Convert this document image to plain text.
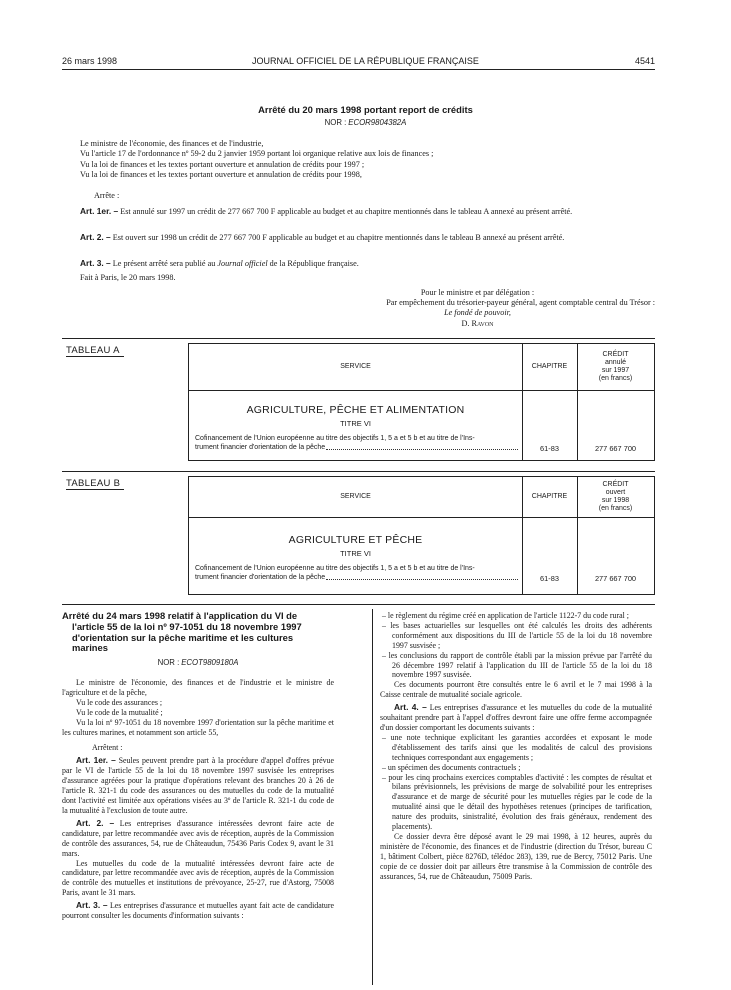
26 mars 1998	JOURNAL OFFICIEL DE LA RÉPUBLIQUE FRANÇAISE	4541
Arrêté du 20 mars 1998 portant report de crédits
NOR : ECOR9804382A

Le ministre de l'économie, des finances et de l'industrie,

Vu l'article 17 de l'ordonnance nº 59-2 du 2 janvier 1959 portant loi organique relative aux lois de finances ;

Vu la loi de finances et les textes portant ouverture et annulation de crédits pour 1997 ;

Vu la loi de finances et les textes portant ouverture et annulation de crédits pour 1998,

Arrête :

Art. 1er. – Est annulé sur 1997 un crédit de 277 667 700 F applicable au budget et au chapitre mentionnés dans le tableau A annexé au présent arrêté.

Art. 2. – Est ouvert sur 1998 un crédit de 277 667 700 F applicable au budget et au chapitre mentionnés dans le tableau B annexé au présent arrêté.

Art. 3. – Le présent arrêté sera publié au Journal officiel de la République française.

Fait à Paris, le 20 mars 1998.
Pour le ministre et par délégation :
Par empêchement du trésorier-payeur général, agent comptable central du Trésor :
Le fondé de pouvoir,
D. Ravon
TABLEAU A
SERVICE	CHAPITRE
CRÉDIT
annulé
sur 1997
(en francs)
AGRICULTURE, PÊCHE ET ALIMENTATION
TITRE VI
Cofinancement de l'Union européenne au titre des objectifs 1, 5 a et 5 b et au titre de l'Ins-
trument financier d'orientation de la pêche	61-83	277 667 700
TABLEAU B
SERVICE	CHAPITRE
CRÉDIT
ouvert
sur 1998
(en francs)
AGRICULTURE ET PÊCHE
TITRE VI
Cofinancement de l'Union européenne au titre des objectifs 1, 5 a et 5 b et au titre de l'Ins-
trument financier d'orientation de la pêche	61-83	277 667 700
Arrêté du 24 mars 1998 relatif à l'application du VI de
l'article 55 de la loi nº 97-1051 du 18 novembre 1997
d'orientation sur la pêche maritime et les cultures
marines
NOR : ECOT9809180A

Le ministre de l'économie, des finances et de l'industrie et le ministre de l'agriculture et de la pêche,

Vu le code des assurances ;

Vu le code de la mutualité ;

Vu la loi nº 97-1051 du 18 novembre 1997 d'orientation sur la pêche maritime et les cultures marines, et notamment son article 55,

Arrêtent :

Art. 1er. – Seules peuvent prendre part à la procédure d'appel d'offres prévue par le VI de l'article 55 de la loi du 18 novembre 1997 susvisée les entreprises d'assurance agréées pour la pratique d'opérations relevant des branches 20 à 26 de l'article R. 321-1 du code des assurances ou des mutuelles du code de la mutualité dont l'activité est limitée aux opérations visées au 3º de l'article R. 321-1 du code de la mutualité à l'exclusion de toute autre.

Art. 2. – Les entreprises d'assurance intéressées devront faire acte de candidature, par lettre recommandée avec avis de réception, auprès de la Commission de contrôle des assurances, 54, rue de Châteaudun, 75436 Paris Codex 9, avant le 31 mars.

Les mutuelles du code de la mutualité intéressées devront faire acte de candidature, par lettre recommandée avec avis de réception, auprès de la Commission de contrôle des mutuelles et institutions de prévoyance, 25-27, rue d'Astorg, 75008 Paris, avant le 31 mars.

Art. 3. – Les entreprises d'assurance et mutuelles ayant fait acte de candidature pourront consulter les documents d'information suivants :

– le règlement du régime créé en application de l'article 1122-7 du code rural ;

– les bases actuarielles sur lesquelles ont été calculés les droits des adhérents conformément aux dispositions du III de l'article 55 de la loi du 18 novembre 1997 susvisée ;

– les conclusions du rapport de contrôle établi par la mission prévue par l'arrêté du 26 décembre 1997 relatif à l'application du III de l'article 55 de la loi du 18 novembre 1997 susvisée.

Ces documents pourront être consultés entre le 6 avril et le 7 mai 1998 à la Caisse centrale de mutualité sociale agricole.

Art. 4. – Les entreprises d'assurance et les mutuelles du code de la mutualité souhaitant prendre part à l'appel d'offres devront faire une offre ferme accompagnée d'un dossier comportant les documents suivants :

– une note technique explicitant les garanties accordées et exposant le mode d'établissement des tarifs ainsi que les modalités de calcul des provisions techniques correspondant aux engagements ;

– un spécimen des documents contractuels ;

– pour les cinq prochains exercices comptables d'activité : les comptes de résultat et bilans prévisionnels, les prévisions de marge de solvabilité pour les entreprises d'assurance et de marge de sécurité pour les mutuelles régies par le code de la mutualité ainsi que le détail des hypothèses retenues (principes de tarification, nature des produits, sinistralité, évolution des frais généraux, rendement des placements).

Ce dossier devra être déposé avant le 29 mai 1998, à 12 heures, auprès du ministère de l'économie, des finances et de l'industrie (direction du Trésor, bureau C 1, bâtiment Colbert, pièce 8276D, télédoc 283), 139, rue de Bercy, 75012 Paris. Une copie de ce dossier doit par ailleurs être transmise à la Commission de contrôle des assurances, 54, rue de Châteaudun, 75009 Paris.
